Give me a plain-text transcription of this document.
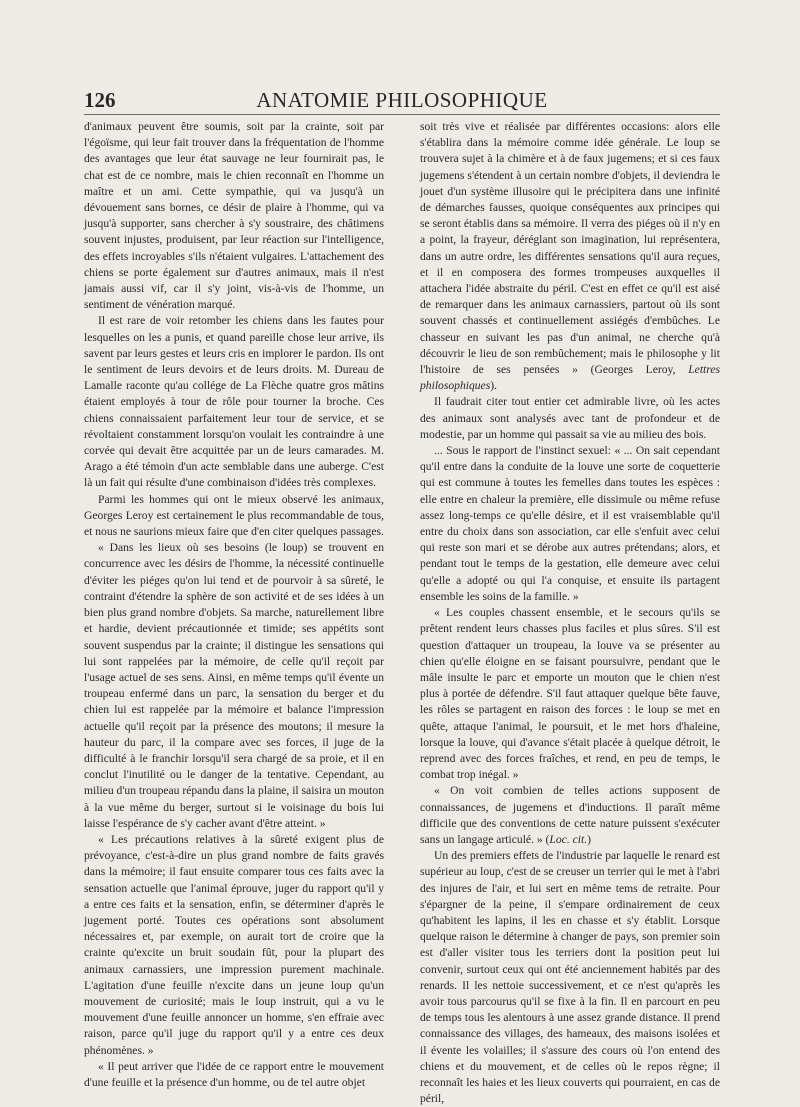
126	ANATOMIE PHILOSOPHIQUE

d'animaux peuvent être soumis, soit par la crainte, soit par l'égoïsme, qui leur fait trouver dans la fréquentation de l'homme des avantages que leur état sauvage ne leur fournirait pas, le chat est de ce nombre, mais le chien reconnaît en l'homme un maître et un ami. Cette sympathie, qui va jusqu'à un dévouement sans bornes, ce désir de plaire à l'homme, qui va jusqu'à supporter, sans chercher à s'y soustraire, des châtimens souvent injustes, produisent, par leur réaction sur l'intelligence, des effets incroyables s'ils n'étaient vulgaires. L'attachement des chiens se porte également sur d'autres animaux, mais il n'est jamais aussi vif, car il s'y joint, vis-à-vis de l'homme, un sentiment de vénération marqué.

Il est rare de voir retomber les chiens dans les fautes pour lesquelles on les a punis, et quand pareille chose leur arrive, ils savent par leurs gestes et leurs cris en implorer le pardon. Ils ont le sentiment de leurs devoirs et de leurs droits. M. Dureau de Lamalle raconte qu'au collége de La Flèche quatre gros mâtins étaient employés à tour de rôle pour tourner la broche. Ces chiens connaissaient parfaitement leur tour de service, et se révoltaient constamment lorsqu'on voulait les contraindre à une corvée qui devait être acquittée par un de leurs camarades. M. Arago a été témoin d'un acte semblable dans une auberge. C'est là un fait qui résulte d'une combinaison d'idées très complexes.

Parmi les hommes qui ont le mieux observé les animaux, Georges Leroy est certainement le plus recommandable de tous, et nous ne saurions mieux faire que d'en citer quelques passages.

« Dans les lieux où ses besoins (le loup) se trouvent en concurrence avec les désirs de l'homme, la nécessité continuelle d'éviter les piéges qu'on lui tend et de pourvoir à sa sûreté, le contraint d'étendre la sphère de son activité et de ses idées à un bien plus grand nombre d'objets. Sa marche, naturellement libre et hardie, devient précautionnée et timide; ses appétits sont souvent suspendus par la crainte; il distingue les sensations qui lui sont rappelées par la mémoire, de celle qu'il reçoit par l'usage actuel de ses sens. Ainsi, en même temps qu'il évente un troupeau enfermé dans un parc, la sensation du berger et du chien lui est rappelée par la mémoire et balance l'impression actuelle qu'il reçoit par la présence des moutons; il mesure la hauteur du parc, il la compare avec ses forces, il juge de la difficulté à le franchir lorsqu'il sera chargé de sa proie, et il en conclut l'inutilité ou le danger de la tentative. Cependant, au milieu d'un troupeau répandu dans la plaine, il saisira un mouton à la vue même du berger, surtout si le voisinage du bois lui laisse l'espérance de s'y cacher avant d'être atteint. »

« Les précautions relatives à la sûreté exigent plus de prévoyance, c'est-à-dire un plus grand nombre de faits gravés dans la mémoire; il faut ensuite comparer tous ces faits avec la sensation actuelle que l'animal éprouve, juger du rapport qu'il y a entre ces faits et la sensation, enfin, se déterminer d'après le jugement porté. Toutes ces opérations sont absolument nécessaires et, par exemple, on aurait tort de croire que la crainte qu'excite un bruit soudain fût, pour la plupart des animaux carnassiers, une impression purement machinale. L'agitation d'une feuille n'excite dans un jeune loup qu'un mouvement de curiosité; mais le loup instruit, qui a vu le mouvement d'une feuille annoncer un homme, s'en effraie avec raison, parce qu'il juge du rapport qu'il y a entre ces deux phénomènes. »

« Il peut arriver que l'idée de ce rapport entre le mouvement d'une feuille et la présence d'un homme, ou de tel autre objet

soit très vive et réalisée par différentes occasions: alors elle s'établira dans la mémoire comme idée générale. Le loup se trouvera sujet à la chimère et à de faux jugemens; et si ces faux jugemens s'étendent à un certain nombre d'objets, il deviendra le jouet d'un système illusoire qui le précipitera dans une infinité de démarches fausses, quoique conséquentes aux principes qui se seront établis dans sa mémoire. Il verra des piéges où il n'y en a point, la frayeur, déréglant son imagination, lui représentera, dans un autre ordre, les différentes sensations qu'il aura reçues, et il en composera des formes trompeuses auxquelles il attachera l'idée abstraite du péril. C'est en effet ce qu'il est aisé de remarquer dans les animaux carnassiers, partout où ils sont souvent chassés et continuellement assiégés d'embûches. Le chasseur en suivant les pas d'un animal, ne cherche qu'à découvrir le lieu de son rembûchement; mais le philosophe y lit l'histoire de ses pensées » (Georges Leroy, Lettres philosophiques).

Il faudrait citer tout entier cet admirable livre, où les actes des animaux sont analysés avec tant de profondeur et de modestie, par un homme qui passait sa vie au milieu des bois.

... Sous le rapport de l'instinct sexuel: « ... On sait cependant qu'il entre dans la conduite de la louve une sorte de coquetterie qui est commune à toutes les femelles dans toutes les espèces : elle entre en chaleur la première, elle dissimule ou même refuse assez long-temps ce qu'elle désire, et il est vraisemblable qu'il entre du choix dans son association, car elle s'enfuit avec celui qui reste son mari et se dérobe aux autres prétendans; alors, et pendant tout le temps de la gestation, elle demeure avec celui qu'elle a adopté ou qui l'a conquise, et ensuite ils partagent ensemble les soins de la famille. »

« Les couples chassent ensemble, et le secours qu'ils se prêtent rendent leurs chasses plus faciles et plus sûres. S'il est question d'attaquer un troupeau, la louve va se présenter au chien qu'elle éloigne en se faisant poursuivre, pendant que le mâle insulte le parc et emporte un mouton que le chien n'est plus à portée de défendre. S'il faut attaquer quelque bête fauve, les rôles se partagent en raison des forces : le loup se met en quête, attaque l'animal, le poursuit, et le met hors d'haleine, lorsque la louve, qui d'avance s'était placée à quelque détroit, le reprend avec des forces fraîches, et rend, en peu de temps, le combat trop inégal. »

« On voit combien de telles actions supposent de connaissances, de jugemens et d'inductions. Il paraît même difficile que des conventions de cette nature puissent s'exécuter sans un langage articulé. » (Loc. cit.)

Un des premiers effets de l'industrie par laquelle le renard est supérieur au loup, c'est de se creuser un terrier qui le met à l'abri des injures de l'air, et lui sert en même tems de retraite. Pour s'épargner de la peine, il s'empare ordinairement de ceux qu'habitent les lapins, il les en chasse et s'y établit. Lorsque quelque raison le détermine à changer de pays, son premier soin est d'aller visiter tous les terriers dont la position peut lui convenir, surtout ceux qui ont été anciennement habités par des renards. Il les nettoie successivement, et ce n'est qu'après les avoir tous parcourus qu'il se fixe à la fin. Il en parcourt en peu de temps tous les alentours à une assez grande distance. Il prend connaissance des villages, des hameaux, des maisons isolées et il évente les volailles; il s'assure des cours où l'on entend des chiens et du mouvement, et de celles où le repos règne; il reconnaît les haies et les lieux couverts qui pourraient, en cas de péril,
